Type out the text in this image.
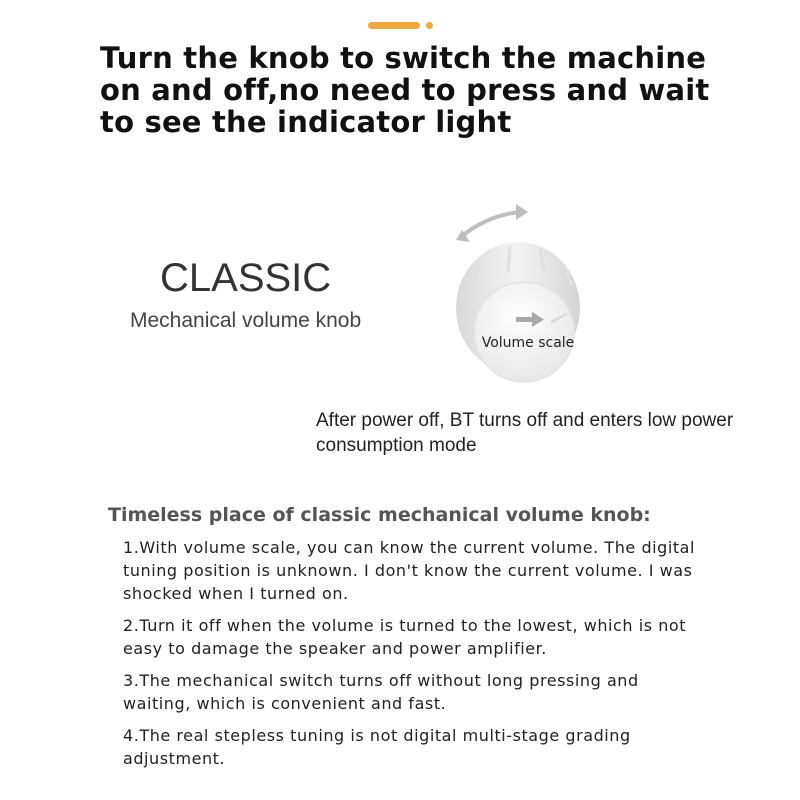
Turn the knob to switch the machine on and off,no need to press and wait to see the indicator light
CLASSIC

Mechanical volume knob

Volume scale

After power off, BT turns off and enters low power consumption mode

Timeless place of classic mechanical volume knob:
1.With volume scale, you can know the current volume. The digital tuning position is unknown. I don't know the current volume. I was shocked when I turned on.
2.Turn it off when the volume is turned to the lowest, which is not easy to damage the speaker and power amplifier.
3.The mechanical switch turns off without long pressing and waiting, which is convenient and fast.
4.The real stepless tuning is not digital multi-stage grading adjustment.
